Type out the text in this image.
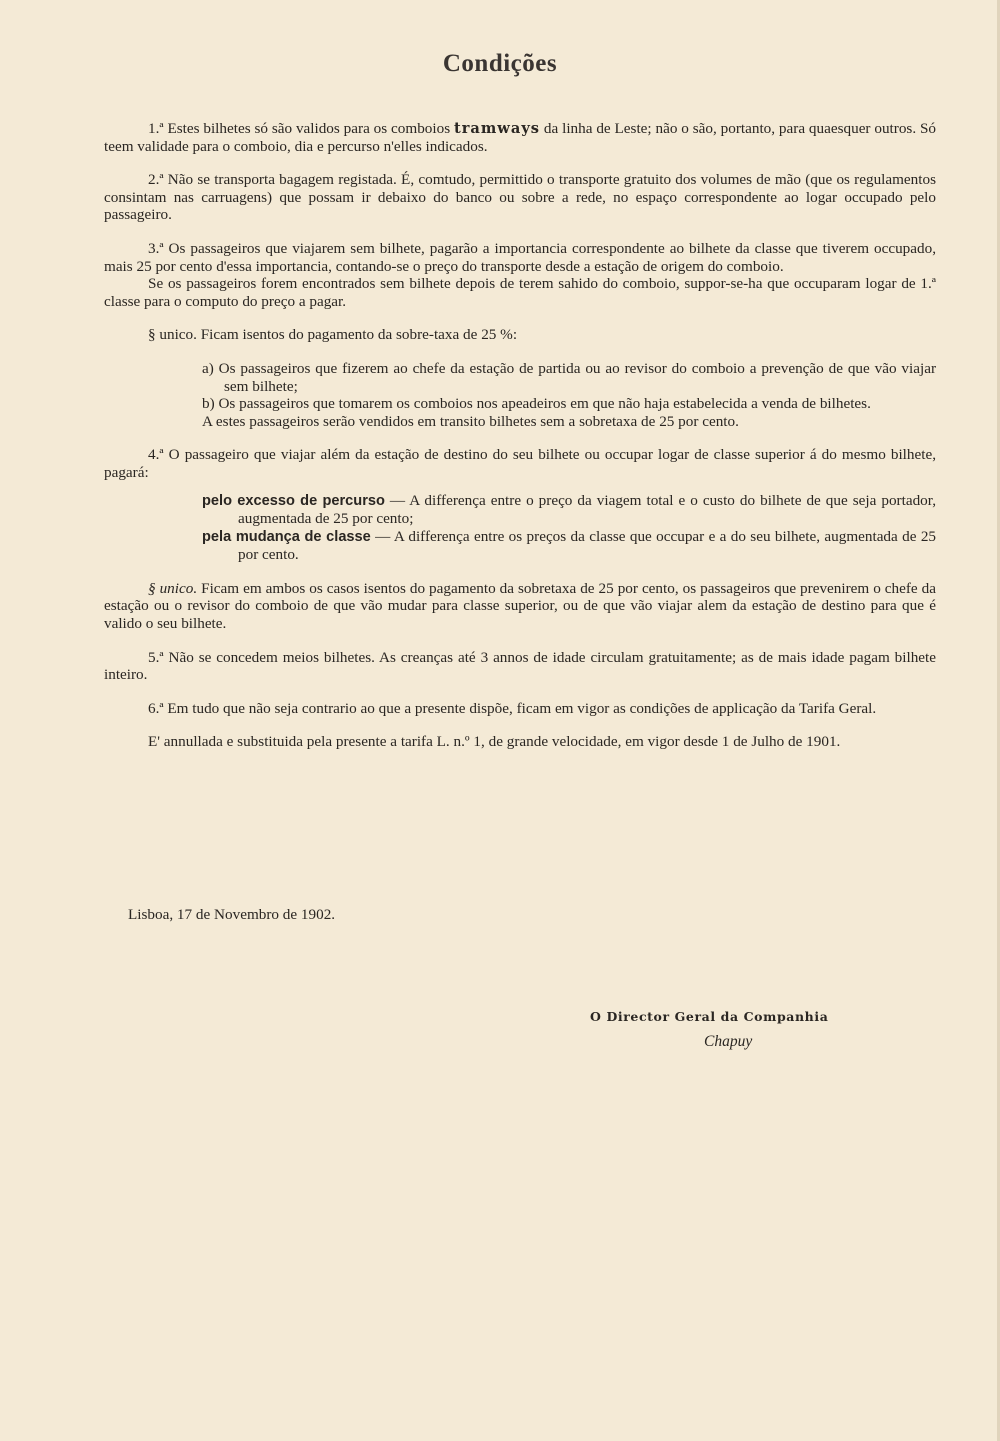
Condições

1.ª Estes bilhetes só são validos para os comboios tramways da linha de Leste; não o são, portanto, para quaesquer outros. Só teem validade para o comboio, dia e percurso n'elles indicados.

2.ª Não se transporta bagagem registada. É, comtudo, permittido o transporte gratuito dos volumes de mão (que os regulamentos consintam nas carruagens) que possam ir debaixo do banco ou sobre a rede, no espaço correspondente ao logar occupado pelo passageiro.

3.ª Os passageiros que viajarem sem bilhete, pagarão a importancia correspondente ao bilhete da classe que tiverem occupado, mais 25 por cento d'essa importancia, contando-se o preço do transporte desde a estação de origem do comboio.

Se os passageiros forem encontrados sem bilhete depois de terem sahido do comboio, suppor-se-ha que occuparam logar de 1.ª classe para o computo do preço a pagar.

§ unico. Ficam isentos do pagamento da sobre-taxa de 25 %:

a) Os passageiros que fizerem ao chefe da estação de partida ou ao revisor do comboio a prevenção de que vão viajar sem bilhete;

b) Os passageiros que tomarem os comboios nos apeadeiros em que não haja estabelecida a venda de bilhetes.

A estes passageiros serão vendidos em transito bilhetes sem a sobretaxa de 25 por cento.

4.ª O passageiro que viajar além da estação de destino do seu bilhete ou occupar logar de classe superior á do mesmo bilhete, pagará:

pelo excesso de percurso — A differença entre o preço da viagem total e o custo do bilhete de que seja portador, augmentada de 25 por cento;

pela mudança de classe — A differença entre os preços da classe que occupar e a do seu bilhete, augmentada de 25 por cento.

§ unico. Ficam em ambos os casos isentos do pagamento da sobretaxa de 25 por cento, os passageiros que prevenirem o chefe da estação ou o revisor do comboio de que vão mudar para classe superior, ou de que vão viajar alem da estação de destino para que é valido o seu bilhete.

5.ª Não se concedem meios bilhetes. As creanças até 3 annos de idade circulam gratuitamente; as de mais idade pagam bilhete inteiro.

6.ª Em tudo que não seja contrario ao que a presente dispõe, ficam em vigor as condições de applicação da Tarifa Geral.

E' annullada e substituida pela presente a tarifa L. n.º 1, de grande velocidade, em vigor desde 1 de Julho de 1901.

Lisboa, 17 de Novembro de 1902.
O Director Geral da Companhia
Chapuy
